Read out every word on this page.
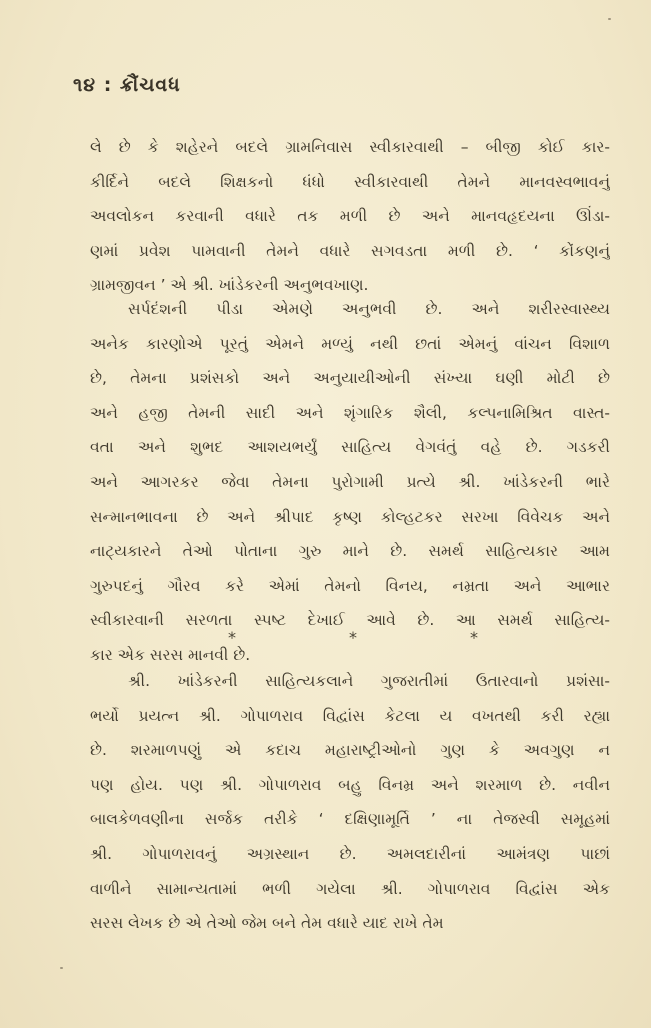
૧૪ : ક્રૌંચવધ
લે છે કે શહેરને બદલે ગ્રામનિવાસ સ્વીકારવાથી – બીજી કોઈ કાર-
કીર્દિને બદલે શિક્ષકનો ધંધો સ્વીકારવાથી તેમને માનવસ્વભાવનું
અવલોકન કરવાની વધારે તક મળી છે અને માનવહૃદયના ઊંડા-
ણમાં પ્રવેશ પામવાની તેમને વધારે સગવડતા મળી છે. ‘ કોંકણનું
ગ્રામજીવન ’ એ શ્રી. ખાંડેકરની અનુભવખાણ.
સર્પદંશની પીડા એમણે અનુભવી છે. અને શરીરસ્વાસ્થ્ય
અનેક કારણોએ પૂરતું એમને મળ્યું નથી છતાં એમનું વાંચન વિશાળ
છે, તેમના પ્રશંસકો અને અનુયાયીઓની સંખ્યા ઘણી મોટી છે
અને હજી તેમની સાદી અને શૃંગારિક શૈલી, કલ્પનામિશ્રિત વાસ્ત-
વતા અને શુભદ આશયભર્યું સાહિત્ય વેગવંતું વહે છે. ગડકરી
અને આગરકર જેવા તેમના પુરોગામી પ્રત્યે શ્રી. ખાંડેકરની ભારે
સન્માનભાવના છે અને શ્રીપાદ કૃષ્ણ કોલ્હટકર સરખા વિવેચક અને
નાટ્યકારને તેઓ પોતાના ગુરુ માને છે. સમર્થ સાહિત્યકાર આમ
ગુરુપદનું ગૌરવ કરે એમાં તેમનો વિનય, નમ્રતા અને આભાર
સ્વીકારવાની સરળતા સ્પષ્ટ દેખાઈ આવે છે. આ સમર્થ સાહિત્ય-
કાર એક સરસ માનવી છે.
*	*	*
શ્રી. ખાંડેકરની સાહિત્યકલાને ગુજરાતીમાં ઉતારવાનો પ્રશંસા-
ભર્યો પ્રયત્ન શ્રી. ગોપાળરાવ વિદ્વાંસ કેટલા ય વખતથી કરી રહ્યા
છે. શરમાળપણું એ કદાચ મહારાષ્ટ્રીઓનો ગુણ કે અવગુણ ન
પણ હોય. પણ શ્રી. ગોપાળરાવ બહુ વિનમ્ર અને શરમાળ છે. નવીન
બાલકેળવણીના સર્જક તરીકે ‘ દક્ષિણામૂર્તિ ’ ના તેજસ્વી સમૂહમાં
શ્રી. ગોપાળરાવનું અગ્રસ્થાન છે. અમલદારીનાં આમંત્રણ પાછાં
વાળીને સામાન્યતામાં ભળી ગયેલા શ્રી. ગોપાળરાવ વિદ્વાંસ એક
સરસ લેખક છે એ તેઓ જેમ બને તેમ વધારે યાદ રાખે તેમ
